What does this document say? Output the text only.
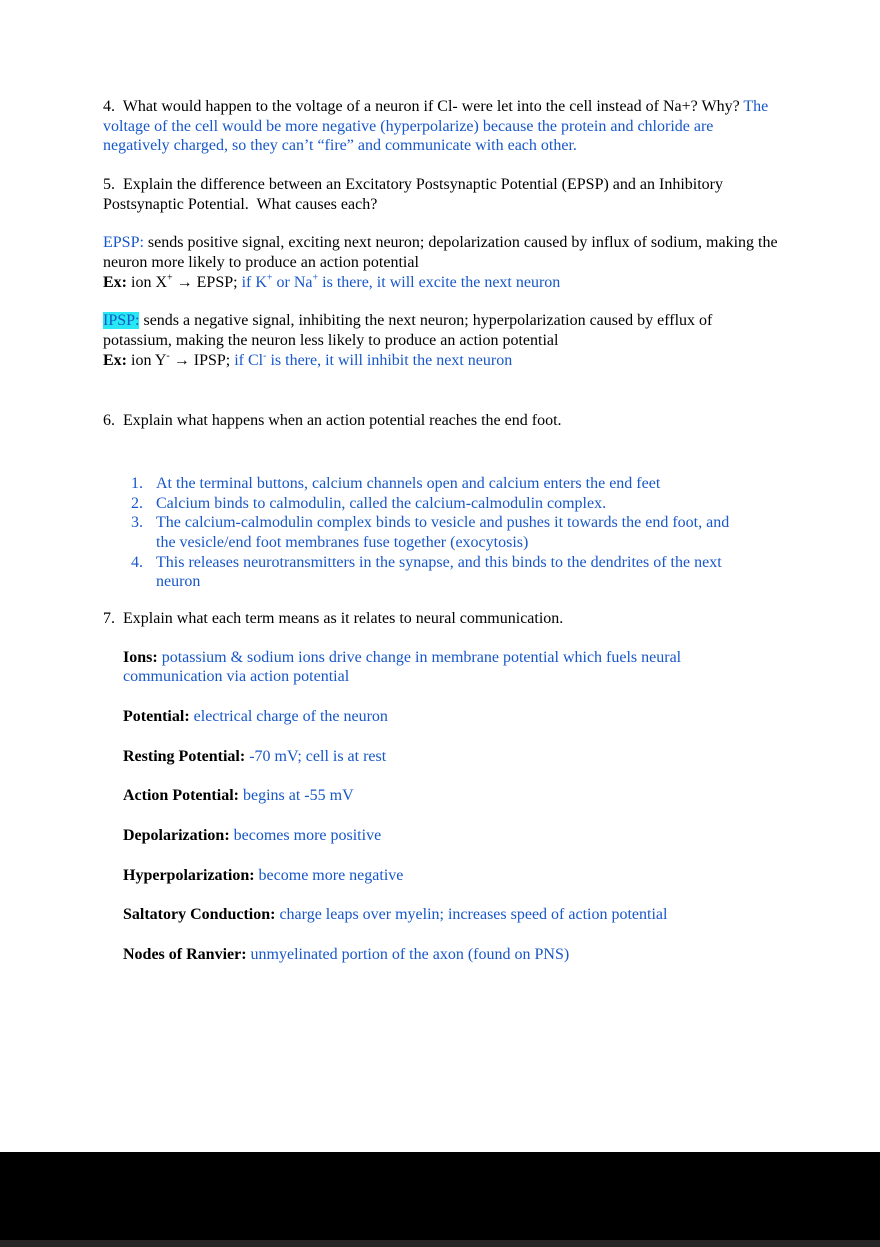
4.  What would happen to the voltage of a neuron if Cl- were let into the cell instead of Na+? Why? The voltage of the cell would be more negative (hyperpolarize) because the protein and chloride are negatively charged, so they can’t “fire” and communicate with each other.

5.  Explain the difference between an Excitatory Postsynaptic Potential (EPSP) and an Inhibitory Postsynaptic Potential.  What causes each?

EPSP: sends positive signal, exciting next neuron; depolarization caused by influx of sodium, making the neuron more likely to produce an action potential

Ex: ion X+ → EPSP; if K+ or Na+ is there, it will excite the next neuron

IPSP: sends a negative signal, inhibiting the next neuron; hyperpolarization caused by efflux of potassium, making the neuron less likely to produce an action potential

Ex: ion Y- → IPSP; if Cl- is there, it will inhibit the next neuron

6.  Explain what happens when an action potential reaches the end foot.

1. At the terminal buttons, calcium channels open and calcium enters the end feet
2. Calcium binds to calmodulin, called the calcium-calmodulin complex.
3. The calcium-calmodulin complex binds to vesicle and pushes it towards the end foot, and the vesicle/end foot membranes fuse together (exocytosis)
4. This releases neurotransmitters in the synapse, and this binds to the dendrites of the next neuron

7.  Explain what each term means as it relates to neural communication.

Ions: potassium & sodium ions drive change in membrane potential which fuels neural communication via action potential

Potential: electrical charge of the neuron

Resting Potential: -70 mV; cell is at rest

Action Potential: begins at -55 mV

Depolarization: becomes more positive

Hyperpolarization: become more negative

Saltatory Conduction: charge leaps over myelin; increases speed of action potential

Nodes of Ranvier: unmyelinated portion of the axon (found on PNS)
